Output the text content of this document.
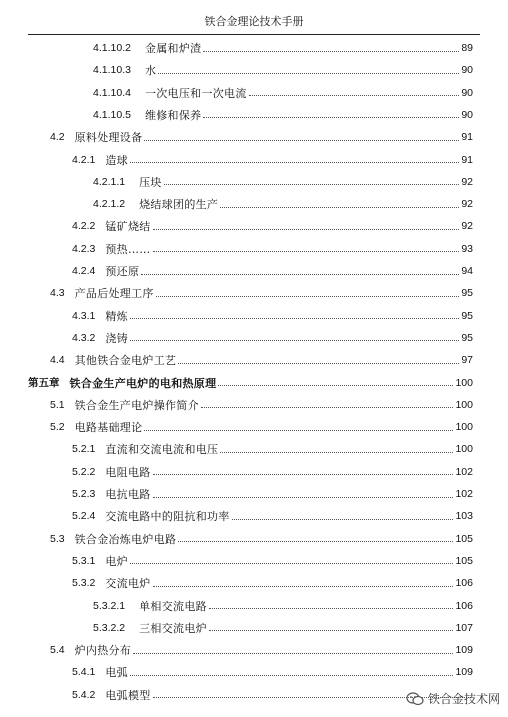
铁合金理论技术手册
4.1.10.2 金属和炉渣	89
4.1.10.3 水	90
4.1.10.4 一次电压和一次电流	90
4.1.10.5 维修和保养	90
4.2 原料处理设备	91
4.2.1 造球	91
4.2.1.1 压块	92
4.2.1.2 烧结球团的生产	92
4.2.2 锰矿烧结	92
4.2.3 预热……	93
4.2.4 预还原	94
4.3 产品后处理工序	95
4.3.1 精炼	95
4.3.2 浇铸	95
4.4 其他铁合金电炉工艺	97
第五章 铁合金生产电炉的电和热原理	100
5.1 铁合金生产电炉操作简介	100
5.2 电路基础理论	100
5.2.1 直流和交流电流和电压	100
5.2.2 电阻电路	102
5.2.3 电抗电路	102
5.2.4 交流电路中的阻抗和功率	103
5.3 铁合金冶炼电炉电路	105
5.3.1 电炉	105
5.3.2 交流电炉	106
5.3.2.1 单相交流电路	106
5.3.2.2 三相交流电炉	107
5.4 炉内热分布	109
5.4.1 电弧	109
5.4.2 电弧模型	铁合金技术网
